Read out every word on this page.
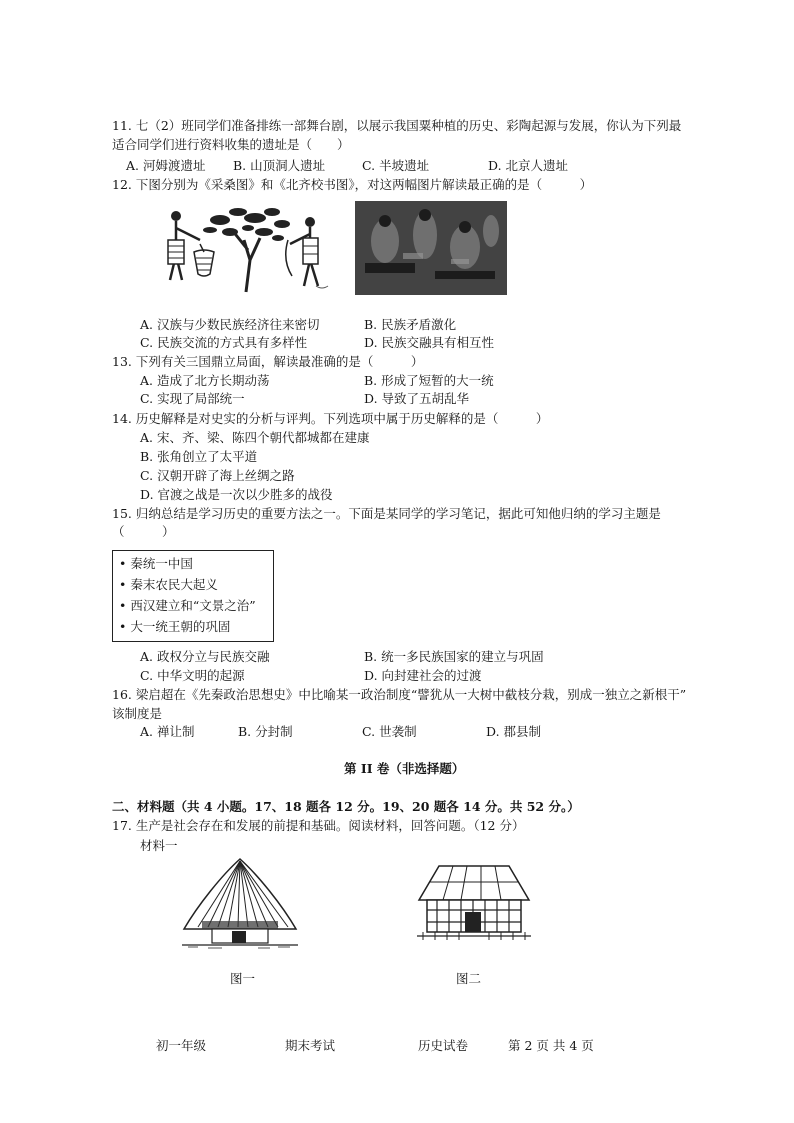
11. 七（2）班同学们准备排练一部舞台剧，以展示我国粟种植的历史、彩陶起源与发展，你认为下列最
适合同学们进行资料收集的遗址是（　　）
A. 河姆渡遗址 B. 山顶洞人遗址	C. 半坡遗址	D. 北京人遗址
12. 下图分别为《采桑图》和《北齐校书图》，对这两幅图片解读最正确的是（　　　）
A. 汉族与少数民族经济往来密切	B. 民族矛盾激化
C. 民族交流的方式具有多样性	D. 民族交融具有相互性
13. 下列有关三国鼎立局面，解读最准确的是（　　　）
A. 造成了北方长期动荡	B. 形成了短暂的大一统
C. 实现了局部统一	D. 导致了五胡乱华
14. 历史解释是对史实的分析与评判。下列选项中属于历史解释的是（　　　）
A. 宋、齐、梁、陈四个朝代都城都在建康
B. 张角创立了太平道
C. 汉朝开辟了海上丝绸之路
D. 官渡之战是一次以少胜多的战役
15. 归纳总结是学习历史的重要方法之一。下面是某同学的学习笔记，据此可知他归纳的学习主题是
（　　　）
• 秦统一中国
• 秦末农民大起义
• 西汉建立和“文景之治”
• 大一统王朝的巩固
A. 政权分立与民族交融	B. 统一多民族国家的建立与巩固
C. 中华文明的起源	D. 向封建社会的过渡
16. 梁启超在《先秦政治思想史》中比喻某一政治制度“譬犹从一大树中截枝分栽，别成一独立之新根干”
该制度是
A. 禅让制	B. 分封制	C. 世袭制	D. 郡县制
第 II 卷（非选择题）
二、材料题（共 4 小题。17、18 题各 12 分。19、20 题各 14 分。共 52 分。）
17. 生产是社会存在和发展的前提和基础。阅读材料，回答问题。（12 分）
材料一
图一	图二
初一年级	期末考试	历史试卷	第 2 页 共 4 页
